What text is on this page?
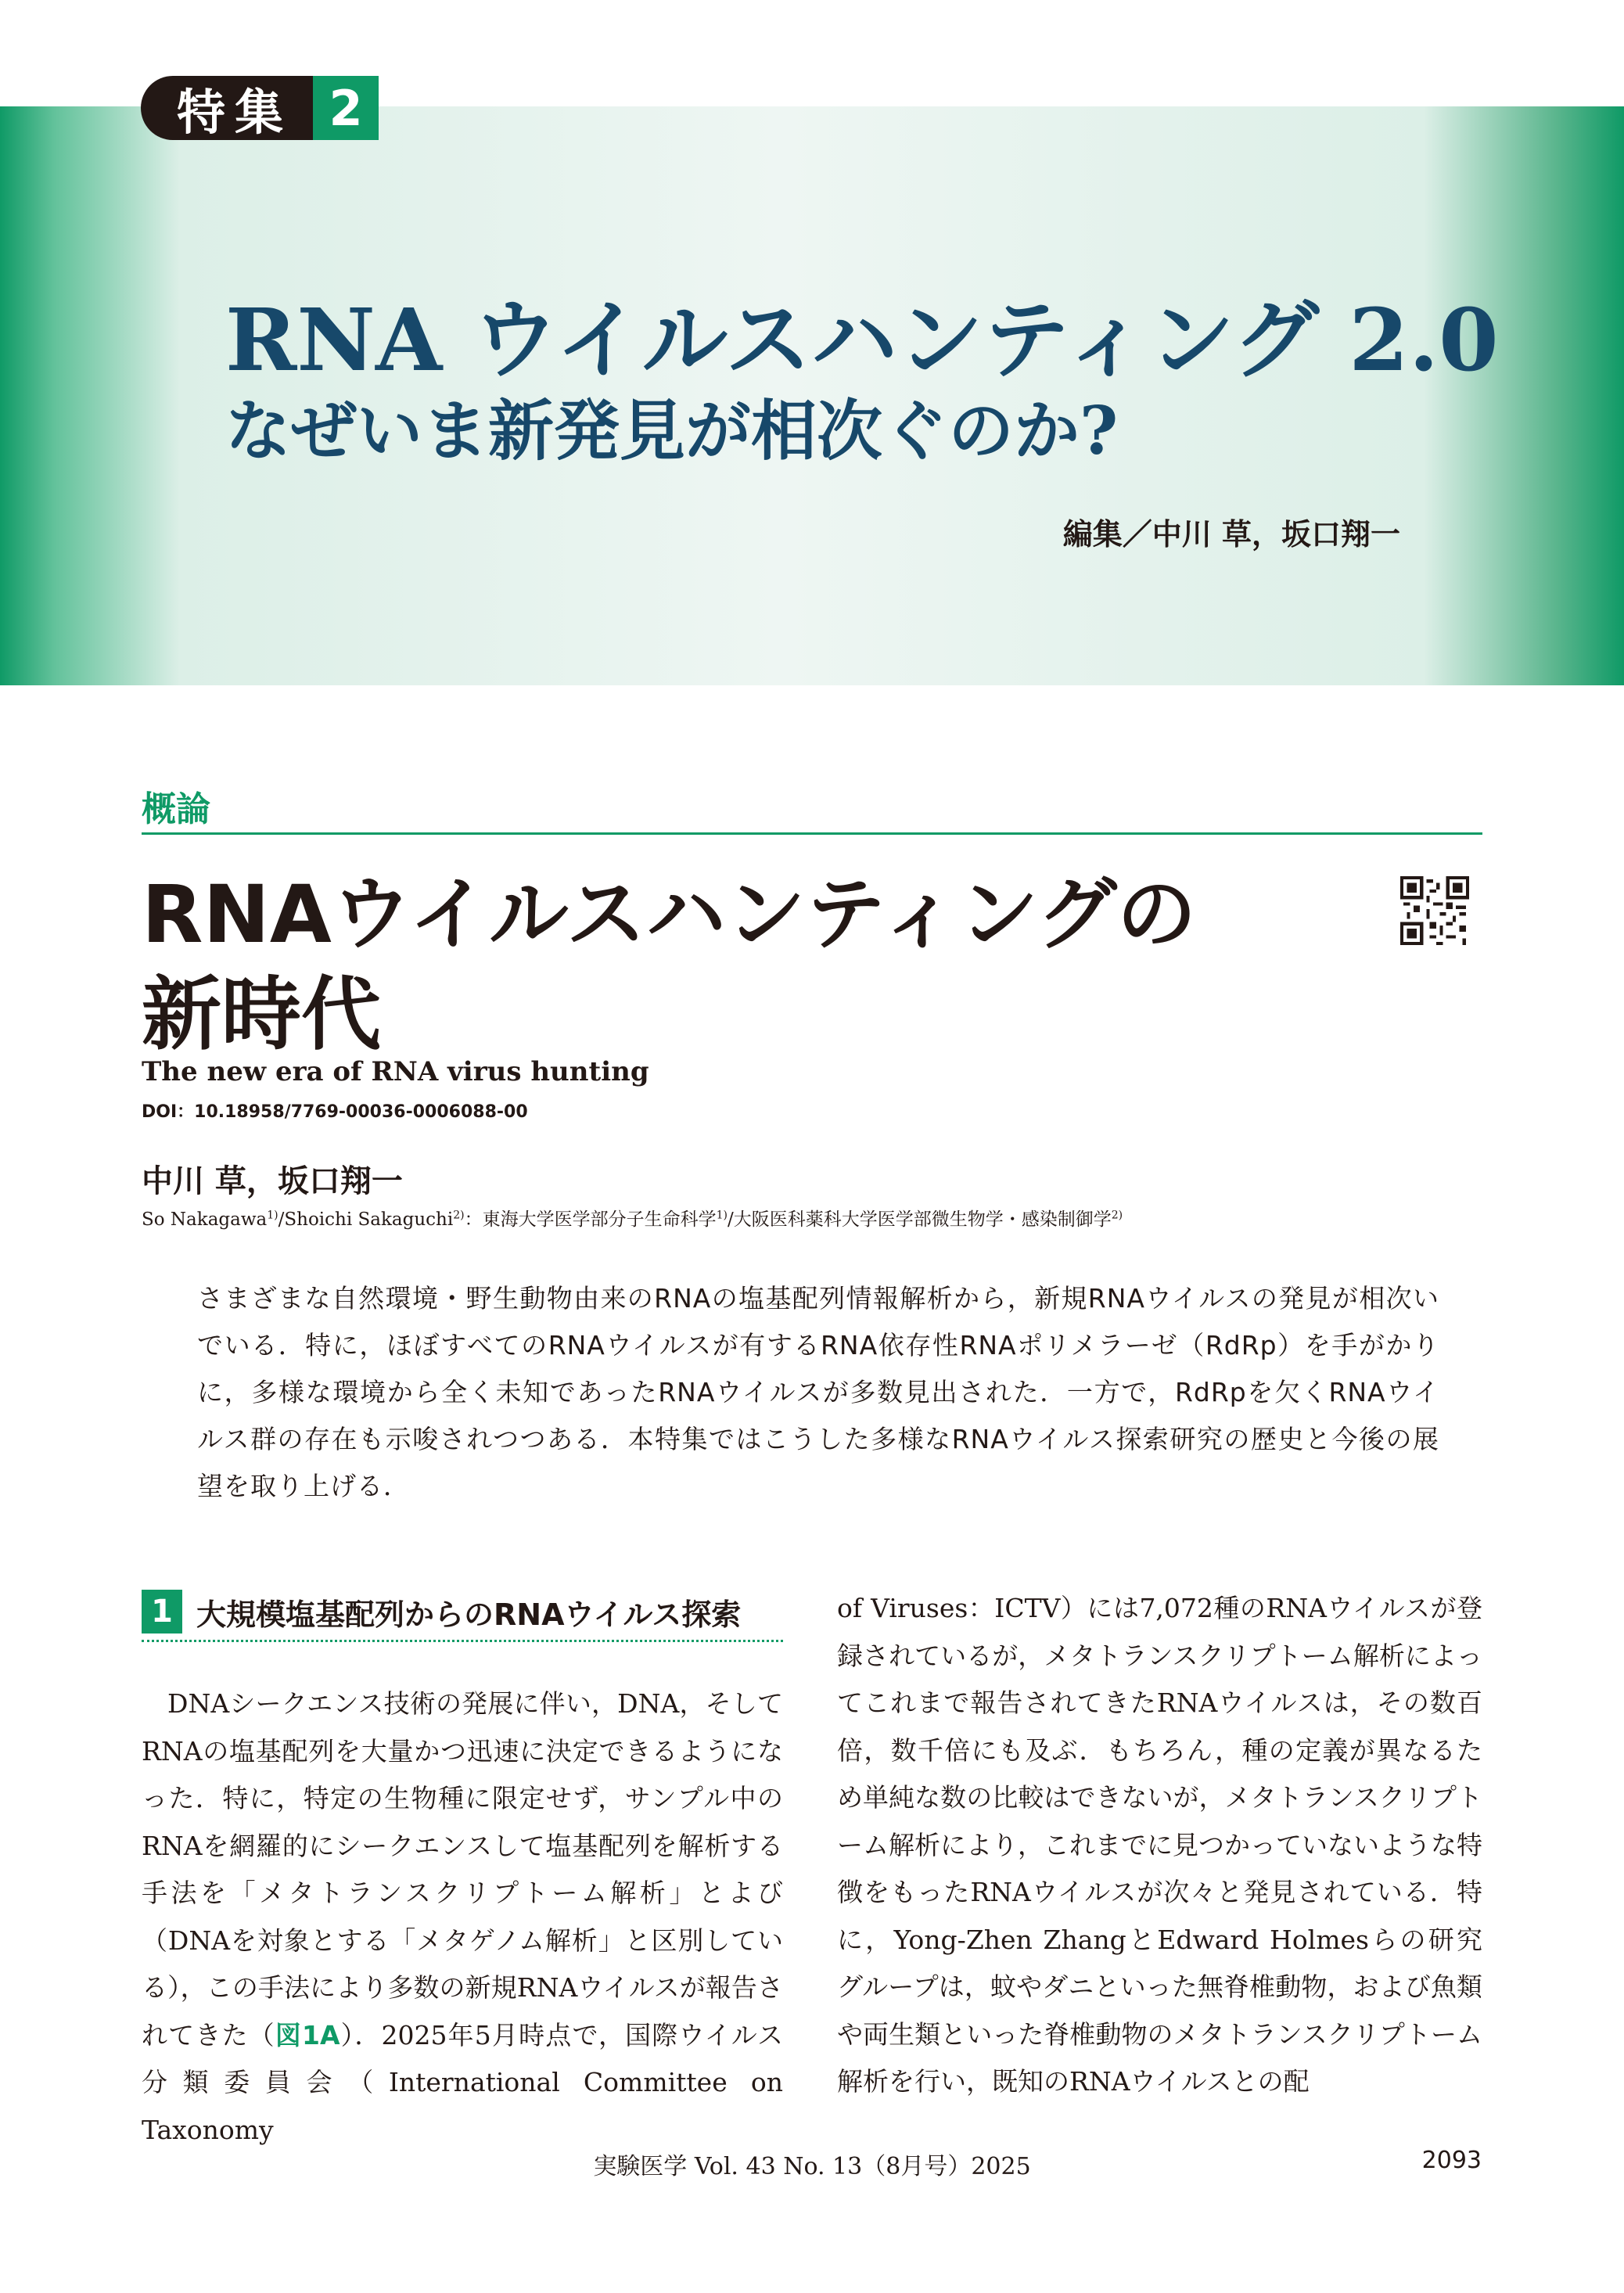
特集 2
RNA ウイルスハンティング 2.0
なぜいま新発見が相次ぐのか?
編集／中川 草，坂口翔一
概論
RNAウイルスハンティングの
新時代
The new era of RNA virus hunting
DOI：10.18958/7769-00036-0006088-00
中川 草，坂口翔一
So Nakagawa$^{1)}$/Shoichi Sakaguchi$^{2)}$：東海大学医学部分子生命科学$^{1)}$/大阪医科薬科大学医学部微生物学・感染制御学$^{2)}$

さまざまな自然環境・野生動物由来のRNAの塩基配列情報解析から，新規RNAウイルスの発見が相次いでいる．特に，ほぼすべてのRNAウイルスが有するRNA依存性RNAポリメラーゼ（RdRp）を手がかりに，多様な環境から全く未知であったRNAウイルスが多数見出された．一方で，RdRpを欠くRNAウイルス群の存在も示唆されつつある．本特集ではこうした多様なRNAウイルス探索研究の歴史と今後の展望を取り上げる．

1 大規模塩基配列からのRNAウイルス探索

DNAシークエンス技術の発展に伴い，DNA，そしてRNAの塩基配列を大量かつ迅速に決定できるようになった．特に，特定の生物種に限定せず，サンプル中のRNAを網羅的にシークエンスして塩基配列を解析する手法を「メタトランスクリプトーム解析」とよび（DNAを対象とする「メタゲノム解析」と区別している），この手法により多数の新規RNAウイルスが報告されてきた（図1A）．2025年5月時点で，国際ウイルス分類委員会（International Committee on Taxonomy

of Viruses：ICTV）には7,072種のRNAウイルスが登録されているが，メタトランスクリプトーム解析によってこれまで報告されてきたRNAウイルスは，その数百倍，数千倍にも及ぶ．もちろん，種の定義が異なるため単純な数の比較はできないが，メタトランスクリプトーム解析により，これまでに見つかっていないような特徴をもったRNAウイルスが次々と発見されている．特に，Yong-Zhen ZhangとEdward Holmesらの研究グループは，蚊やダニといった無脊椎動物，および魚類や両生類といった脊椎動物のメタトランスクリプトーム解析を行い，既知のRNAウイルスとの配

実験医学 Vol. 43 No. 13（8月号）2025	2093
